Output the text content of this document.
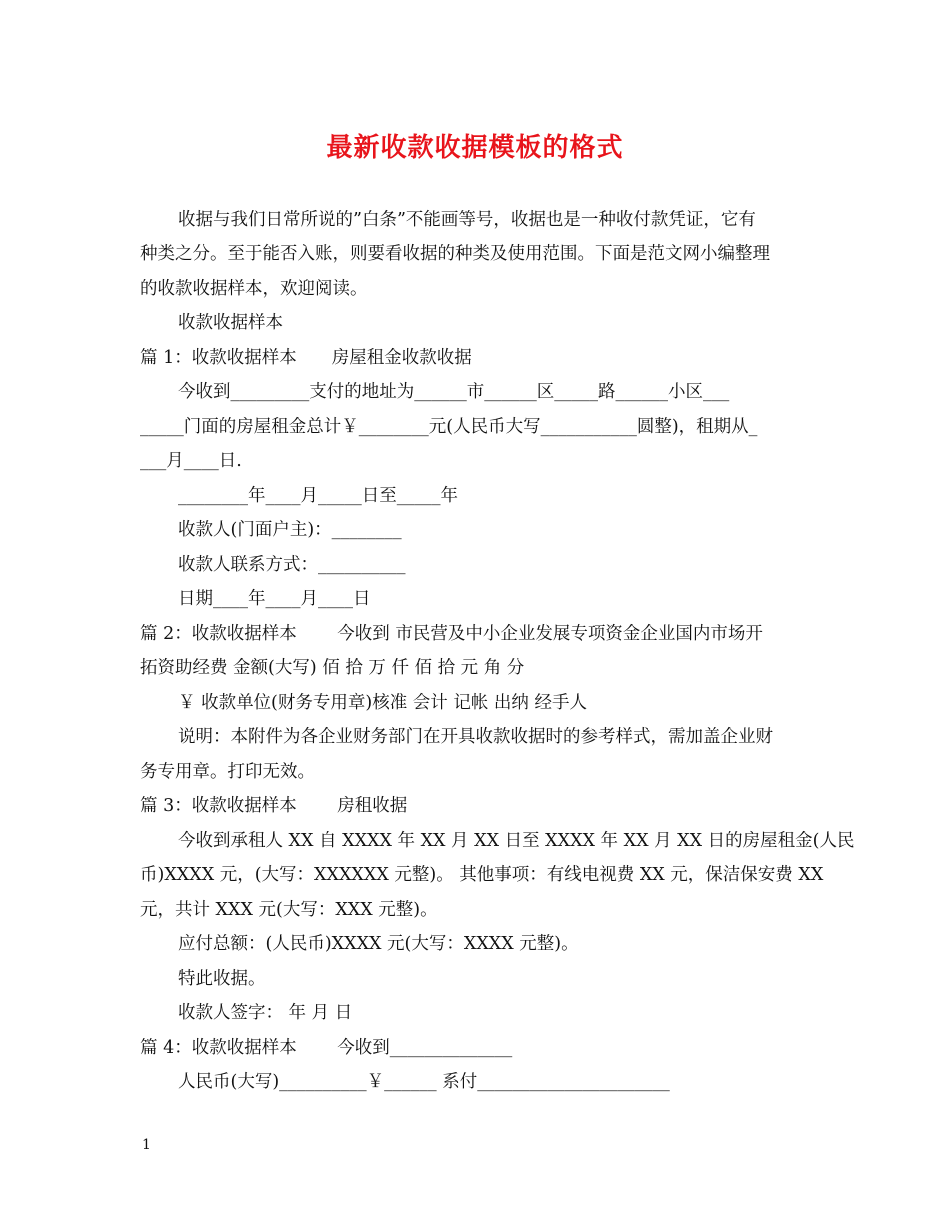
最新收款收据模板的格式

收据与我们日常所说的”白条”不能画等号，收据也是一种收付款凭证，它有

种类之分。至于能否入账，则要看收据的种类及使用范围。下面是范文网小编整理

的收款收据样本，欢迎阅读。

收款收据样本

篇 1：收款收据样本　　房屋租金收款收据

今收到_________支付的地址为______市______区_____路______小区___

_____门面的房屋租金总计￥________元(人民币大写___________圆整)，租期从_

___月____日.

________年____月_____日至_____年

收款人(门面户主)：________

收款人联系方式：__________

日期____年____月____日

篇 2：收款收据样本　　 今收到 市民营及中小企业发展专项资金企业国内市场开

拓资助经费 金额(大写) 佰 拾 万 仟 佰 拾 元 角 分

￥ 收款单位(财务专用章)核准 会计 记帐 出纳 经手人

说明：本附件为各企业财务部门在开具收款收据时的参考样式，需加盖企业财

务专用章。打印无效。

篇 3：收款收据样本　　 房租收据

今收到承租人 XX 自 XXXX 年 XX 月 XX 日至 XXXX 年 XX 月 XX 日的房屋租金(人民

币)XXXX 元，(大写：XXXXXX 元整)。 其他事项：有线电视费 XX 元，保洁保安费 XX

元，共计 XXX 元(大写：XXX 元整)。

应付总额：(人民币)XXXX 元(大写：XXXX 元整)。

特此收据。

收款人签字： 年 月 日

篇 4：收款收据样本　　 今收到______________

人民币(大写)__________￥______ 系付______________________

1
